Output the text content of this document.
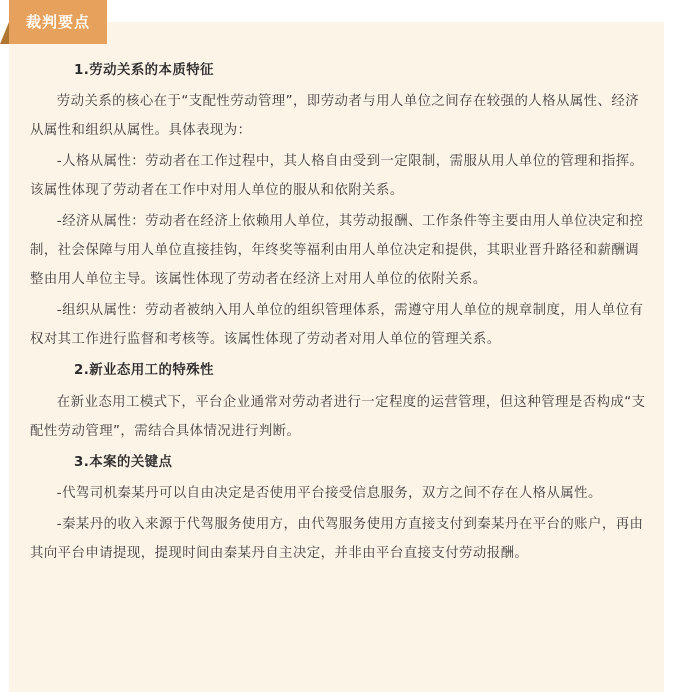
裁判要点

1.劳动关系的本质特征

劳动关系的核心在于“支配性劳动管理”，即劳动者与用人单位之间存在较强的人格从属性、经济从属性和组织从属性。具体表现为：

-人格从属性：劳动者在工作过程中，其人格自由受到一定限制，需服从用人单位的管理和指挥。该属性体现了劳动者在工作中对用人单位的服从和依附关系。

-经济从属性：劳动者在经济上依赖用人单位，其劳动报酬、工作条件等主要由用人单位决定和控制，社会保障与用人单位直接挂钩，年终奖等福利由用人单位决定和提供，其职业晋升路径和薪酬调整由用人单位主导。该属性体现了劳动者在经济上对用人单位的依附关系。

-组织从属性：劳动者被纳入用人单位的组织管理体系，需遵守用人单位的规章制度，用人单位有权对其工作进行监督和考核等。该属性体现了劳动者对用人单位的管理关系。

2.新业态用工的特殊性

在新业态用工模式下，平台企业通常对劳动者进行一定程度的运营管理，但这种管理是否构成“支配性劳动管理”，需结合具体情况进行判断。

3.本案的关键点

-代驾司机秦某丹可以自由决定是否使用平台接受信息服务，双方之间不存在人格从属性。

-秦某丹的收入来源于代驾服务使用方，由代驾服务使用方直接支付到秦某丹在平台的账户，再由其向平台申请提现，提现时间由秦某丹自主决定，并非由平台直接支付劳动报酬。
